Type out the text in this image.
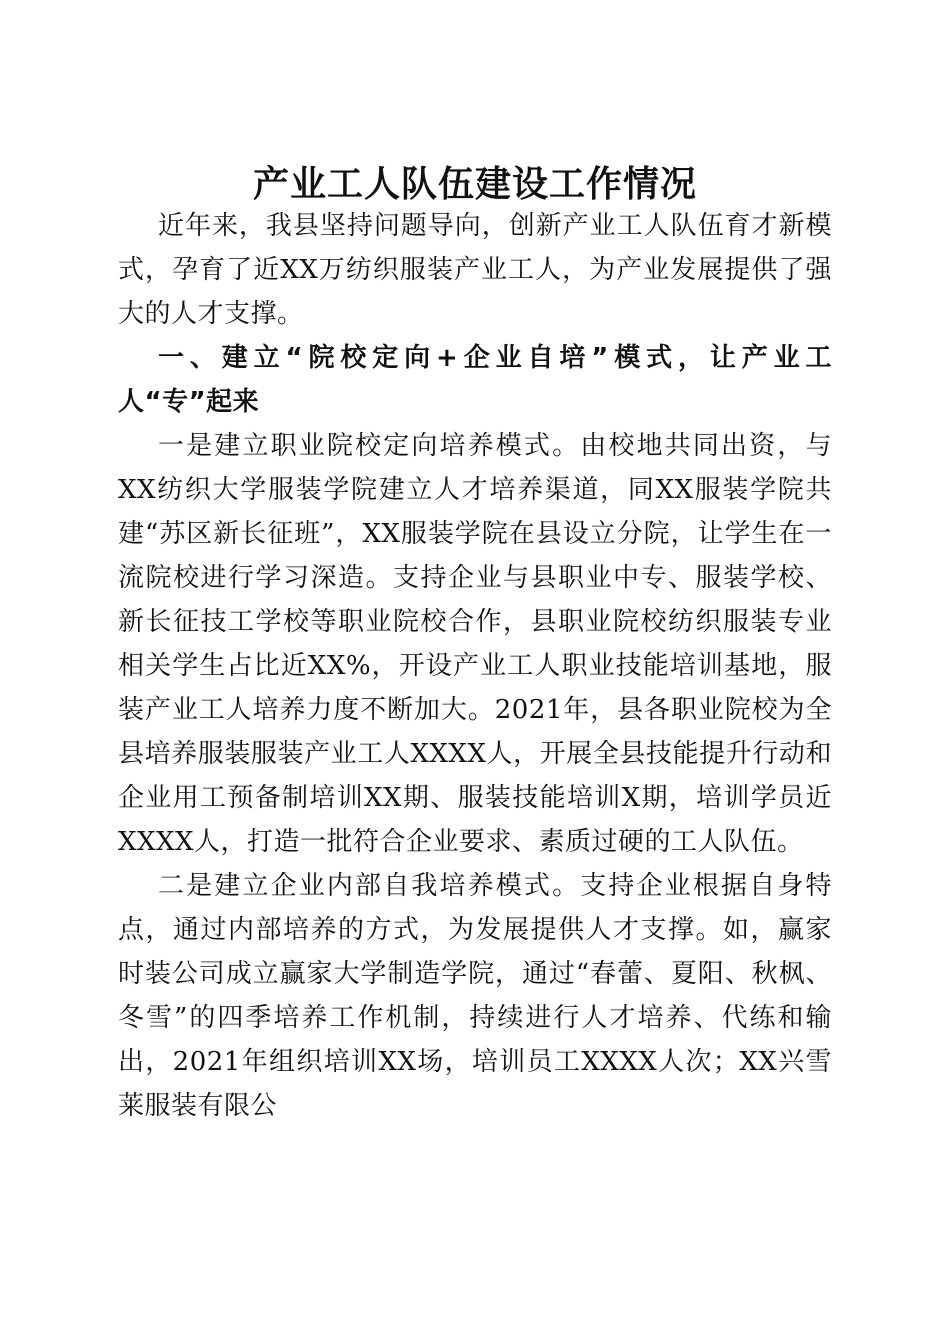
产业工人队伍建设工作情况

近年来，我县坚持问题导向，创新产业工人队伍育才新模式，孕育了近XX万纺织服装产业工人，为产业发展提供了强大的人才支撑。

一、建立“院校定向+企业自培”模式，让产业工人“专”起来

一是建立职业院校定向培养模式。由校地共同出资，与XX纺织大学服装学院建立人才培养渠道，同XX服装学院共建“苏区新长征班”，XX服装学院在县设立分院，让学生在一流院校进行学习深造。支持企业与县职业中专、服装学校、新长征技工学校等职业院校合作，县职业院校纺织服装专业相关学生占比近XX%，开设产业工人职业技能培训基地，服装产业工人培养力度不断加大。2021年，县各职业院校为全县培养服装服装产业工人XXXX人，开展全县技能提升行动和企业用工预备制培训XX期、服装技能培训X期，培训学员近XXXX人，打造一批符合企业要求、素质过硬的工人队伍。

二是建立企业内部自我培养模式。支持企业根据自身特点，通过内部培养的方式，为发展提供人才支撑。如，赢家时装公司成立赢家大学制造学院，通过“春蕾、夏阳、秋枫、冬雪”的四季培养工作机制，持续进行人才培养、代练和输出，2021年组织培训XX场，培训员工XXXX人次；XX兴雪莱服装有限公
